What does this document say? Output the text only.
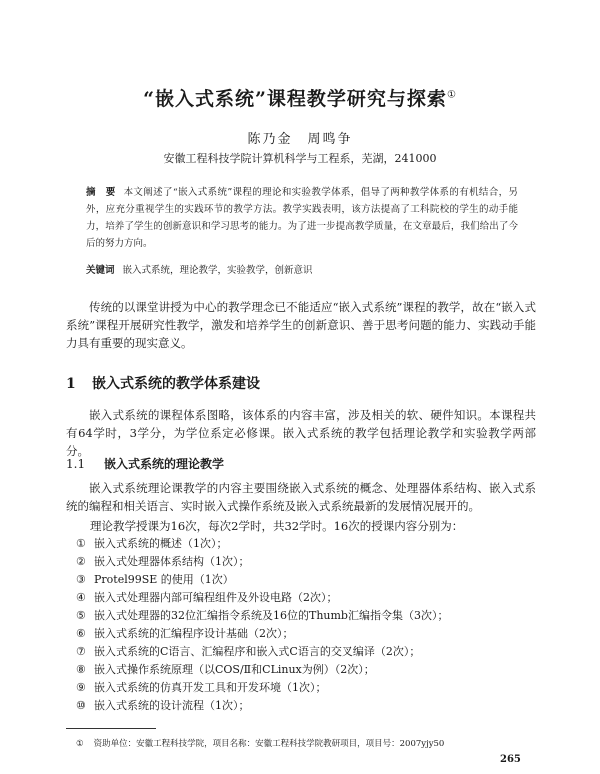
“嵌入式系统”课程教学研究与探索①
陈乃金　周鸣争
安徽工程科技学院计算机科学与工程系，芜湖，241000
摘　要 本文阐述了“嵌入式系统”课程的理论和实验教学体系，倡导了两种教学体系的有机结合，另外，应充分重视学生的实践环节的教学方法。教学实践表明，该方法提高了工科院校的学生的动手能力，培养了学生的创新意识和学习思考的能力。为了进一步提高教学质量，在文章最后，我们给出了今后的努力方向。
关键词 嵌入式系统，理论教学，实验教学，创新意识

传统的以课堂讲授为中心的教学理念已不能适应“嵌入式系统”课程的教学，故在“嵌入式系统”课程开展研究性教学，激发和培养学生的创新意识、善于思考问题的能力、实践动手能力具有重要的现实意义。

1 嵌入式系统的教学体系建设

嵌入式系统的课程体系图略，该体系的内容丰富，涉及相关的软、硬件知识。本课程共有64学时，3学分，为学位系定必修课。嵌入式系统的教学包括理论教学和实验教学两部分。

1.1 嵌入式系统的理论教学

嵌入式系统理论课教学的内容主要围绕嵌入式系统的概念、处理器体系结构、嵌入式系统的编程和相关语言、实时嵌入式操作系统及嵌入式系统最新的发展情况展开的。

理论教学授课为16次，每次2学时，共32学时。16次的授课内容分别为：

① 嵌入式系统的概述（1次）；
② 嵌入式处理器体系结构（1次）；
③ Protel99SE 的使用（1次）
④ 嵌入式处理器内部可编程组件及外设电路（2次）；
⑤ 嵌入式处理器的32位汇编指令系统及16位的Thumb汇编指令集（3次）；
⑥ 嵌入式系统的汇编程序设计基础（2次）；
⑦ 嵌入式系统的C语言、汇编程序和嵌入式C语言的交叉编译（2次）；
⑧ 嵌入式操作系统原理（以COS/Ⅱ和CLinux为例）（2次）；
⑨ 嵌入式系统的仿真开发工具和开发环境（1次）；
⑩ 嵌入式系统的设计流程（1次）；
① 资助单位：安徽工程科技学院，项目名称：安徽工程科技学院教研项目，项目号：2007yjy50
265
